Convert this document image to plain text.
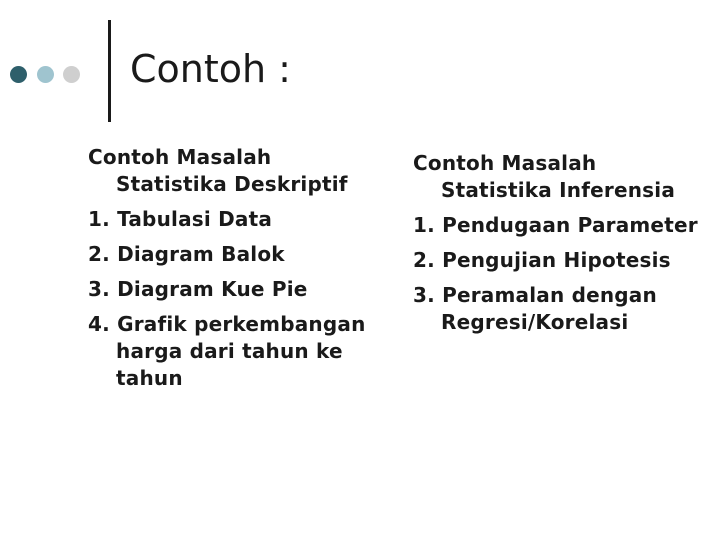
Contoh :

Contoh Masalah Statistika Deskriptif

1. Tabulasi Data
2. Diagram Balok
3. Diagram Kue Pie
4. Grafik perkembangan harga dari tahun ke tahun

Contoh Masalah Statistika Inferensia

1. Pendugaan Parameter
2. Pengujian Hipotesis
3. Peramalan dengan Regresi/Korelasi
